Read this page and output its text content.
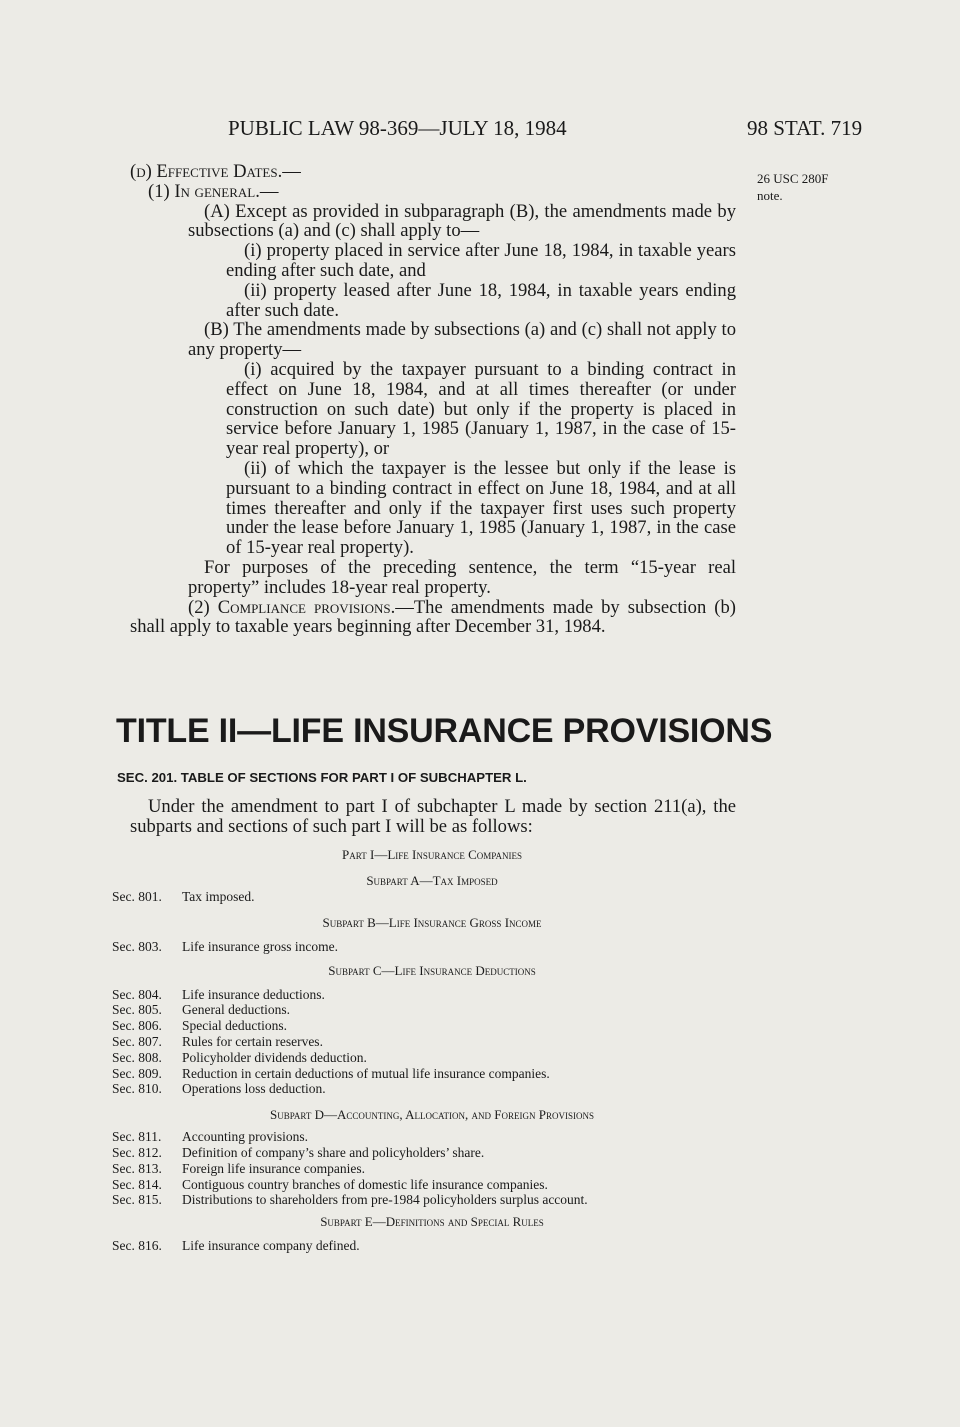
PUBLIC LAW 98-369—JULY 18, 1984	98 STAT. 719
26 USC 280F
note.

(d) Effective Dates.—

(1) In general.—

(A) Except as provided in subparagraph (B), the amendments made by subsections (a) and (c) shall apply to—

(i) property placed in service after June 18, 1984, in taxable years ending after such date, and

(ii) property leased after June 18, 1984, in taxable years ending after such date.

(B) The amendments made by subsections (a) and (c) shall not apply to any property—

(i) acquired by the taxpayer pursuant to a binding contract in effect on June 18, 1984, and at all times thereafter (or under construction on such date) but only if the property is placed in service before January 1, 1985 (January 1, 1987, in the case of 15-year real property), or

(ii) of which the taxpayer is the lessee but only if the lease is pursuant to a binding contract in effect on June 18, 1984, and at all times thereafter and only if the taxpayer first uses such property under the lease before January 1, 1985 (January 1, 1987, in the case of 15-year real property).

For purposes of the preceding sentence, the term “15-year real property” includes 18-year real property.

(2) Compliance provisions.—The amendments made by subsection (b) shall apply to taxable years beginning after December 31, 1984.

TITLE II—LIFE INSURANCE PROVISIONS
SEC. 201. TABLE OF SECTIONS FOR PART I OF SUBCHAPTER L.

Under the amendment to part I of subchapter L made by section 211(a), the subparts and sections of such part I will be as follows:

Part I—Life Insurance Companies

Subpart A—Tax Imposed

Sec. 801. Tax imposed.

Subpart B—Life Insurance Gross Income

Sec. 803. Life insurance gross income.

Subpart C—Life Insurance Deductions

Sec. 804. Life insurance deductions.

Sec. 805. General deductions.

Sec. 806. Special deductions.

Sec. 807. Rules for certain reserves.

Sec. 808. Policyholder dividends deduction.

Sec. 809. Reduction in certain deductions of mutual life insurance companies.

Sec. 810. Operations loss deduction.

Subpart D—Accounting, Allocation, and Foreign Provisions

Sec. 811. Accounting provisions.

Sec. 812. Definition of company’s share and policyholders’ share.

Sec. 813. Foreign life insurance companies.

Sec. 814. Contiguous country branches of domestic life insurance companies.

Sec. 815. Distributions to shareholders from pre-1984 policyholders surplus account.

Subpart E—Definitions and Special Rules

Sec. 816. Life insurance company defined.
